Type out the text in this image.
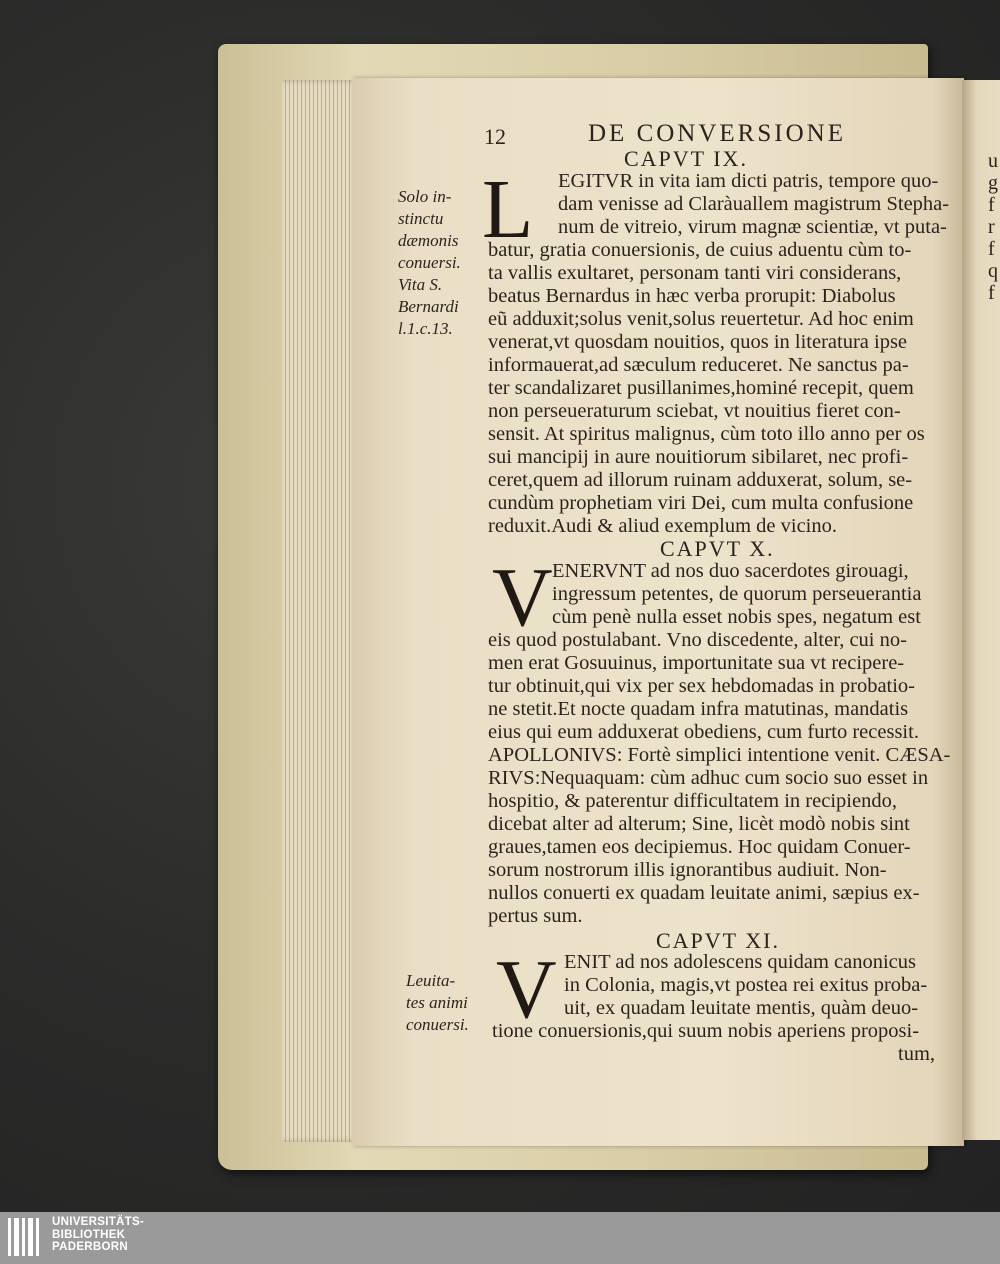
u
g
f
r
f
q
f
12	DE CONVERSIONE
CAPVT IX.
CAPVT X.
CAPVT XI.
L
V
V
Solo in-
stinctu
dæmonis
conuersi.
Vita S.
Bernardi
l.1.c.13.
Leuita-
tes animi
conuersi.
EGITVR in vita iam dicti patris, tempore quo-
dam venisse ad Claràuallem magistrum Stepha-
num de vitreio, virum magnæ scientiæ, vt puta-
batur, gratia conuersionis, de cuius aduentu cùm to-
ta vallis exultaret, personam tanti viri considerans,
beatus Bernardus in hæc verba prorupit: Diabolus
eũ adduxit;solus venit,solus reuertetur. Ad hoc enim
venerat,vt quosdam nouitios, quos in literatura ipse
informauerat,ad sæculum reduceret. Ne sanctus pa-
ter scandalizaret pusillanimes,hominé recepit, quem
non perseueraturum sciebat, vt nouitius fieret con-
sensit. At spiritus malignus, cùm toto illo anno per os
sui mancipij in aure nouitiorum sibilaret, nec profi-
ceret,quem ad illorum ruinam adduxerat, solum, se-
cundùm prophetiam viri Dei, cum multa confusione
reduxit.Audi & aliud exemplum de vicino.
ENERVNT ad nos duo sacerdotes girouagi,
ingressum petentes, de quorum perseuerantia
cùm penè nulla esset nobis spes, negatum est
eis quod postulabant. Vno discedente, alter, cui no-
men erat Gosuuinus, importunitate sua vt recipere-
tur obtinuit,qui vix per sex hebdomadas in probatio-
ne stetit.Et nocte quadam infra matutinas, mandatis
eius qui eum adduxerat obediens, cum furto recessit.
APOLLONIVS: Fortè simplici intentione venit. CÆSA-
RIVS:Nequaquam: cùm adhuc cum socio suo esset in
hospitio, & paterentur difficultatem in recipiendo,
dicebat alter ad alterum; Sine, licèt modò nobis sint
graues,tamen eos decipiemus. Hoc quidam Conuer-
sorum nostrorum illis ignorantibus audiuit. Non-
nullos conuerti ex quadam leuitate animi, sæpius ex-
pertus sum.
ENIT ad nos adolescens quidam canonicus
in Colonia, magis,vt postea rei exitus proba-
uit, ex quadam leuitate mentis, quàm deuo-
tione conuersionis,qui suum nobis aperiens proposi-
tum,
UNIVERSITÄTS-
BIBLIOTHEK
PADERBORN
